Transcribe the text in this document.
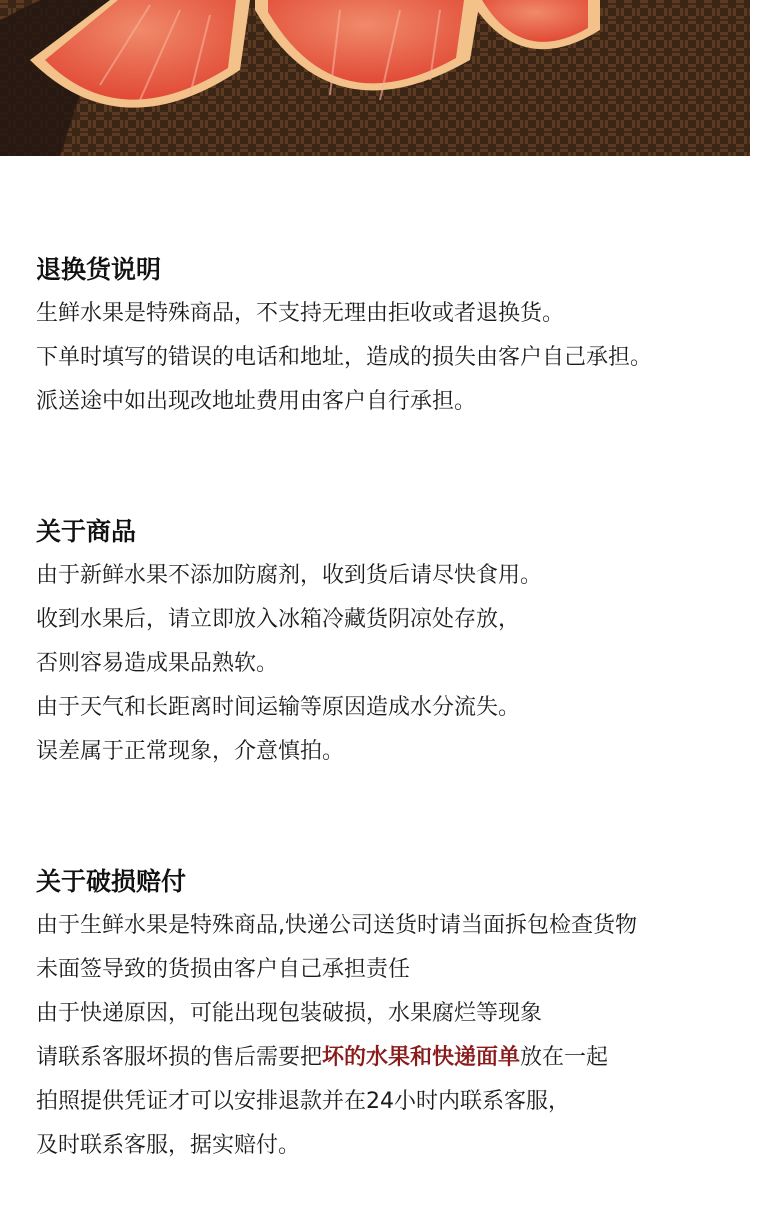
退换货说明
生鲜水果是特殊商品，不支持无理由拒收或者退换货。
下单时填写的错误的电话和地址，造成的损失由客户自己承担。
派送途中如出现改地址费用由客户自行承担。
关于商品
由于新鲜水果不添加防腐剂，收到货后请尽快食用。
收到水果后，请立即放入冰箱冷藏货阴凉处存放，
否则容易造成果品熟软。
由于天气和长距离时间运输等原因造成水分流失。
误差属于正常现象，介意慎拍。
关于破损赔付
由于生鲜水果是特殊商品,快递公司送货时请当面拆包检查货物
未面签导致的货损由客户自己承担责任
由于快递原因，可能出现包装破损，水果腐烂等现象
请联系客服坏损的售后需要把坏的水果和快递面单放在一起
拍照提供凭证才可以安排退款并在24小时内联系客服，
及时联系客服，据实赔付。
